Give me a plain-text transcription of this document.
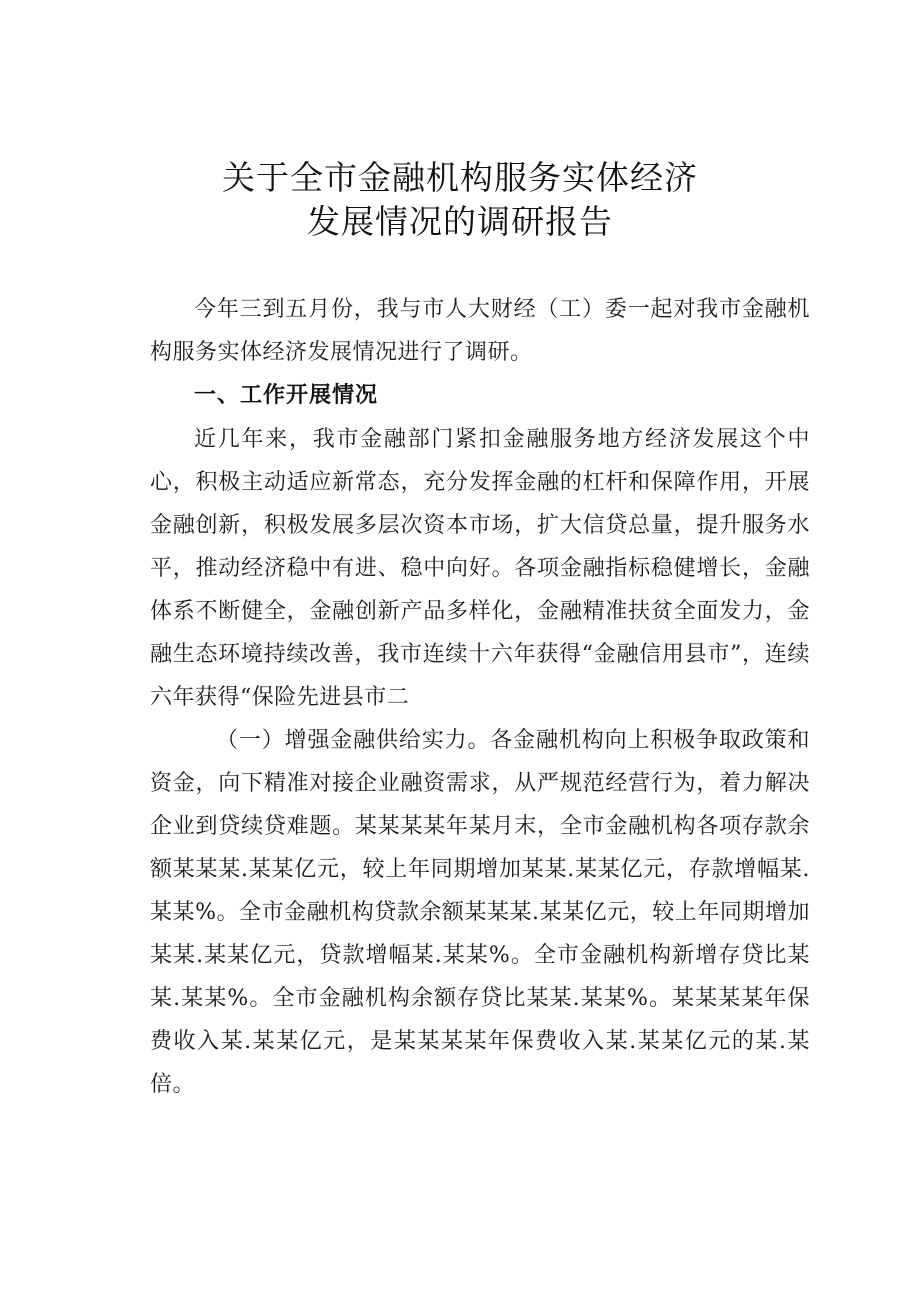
关于全市金融机构服务实体经济
发展情况的调研报告

今年三到五月份，我与市人大财经（工）委一起对我市金融机构服务实体经济发展情况进行了调研。

一、工作开展情况

近几年来，我市金融部门紧扣金融服务地方经济发展这个中心，积极主动适应新常态，充分发挥金融的杠杆和保障作用，开展金融创新，积极发展多层次资本市场，扩大信贷总量，提升服务水平，推动经济稳中有进、稳中向好。各项金融指标稳健增长，金融体系不断健全，金融创新产品多样化，金融精准扶贫全面发力，金融生态环境持续改善，我市连续十六年获得“金融信用县市”，连续六年获得“保险先进县市二

（一）增强金融供给实力。各金融机构向上积极争取政策和资金，向下精准对接企业融资需求，从严规范经营行为，着力解决企业到贷续贷难题。某某某某年某月末，全市金融机构各项存款余额某某某.某某亿元，较上年同期增加某某.某某亿元，存款增幅某.某某%。全市金融机构贷款余额某某某.某某亿元，较上年同期增加某某.某某亿元，贷款增幅某.某某%。全市金融机构新增存贷比某某.某某%。全市金融机构余额存贷比某某.某某%。某某某某年保费收入某.某某亿元，是某某某某年保费收入某.某某亿元的某.某倍。
